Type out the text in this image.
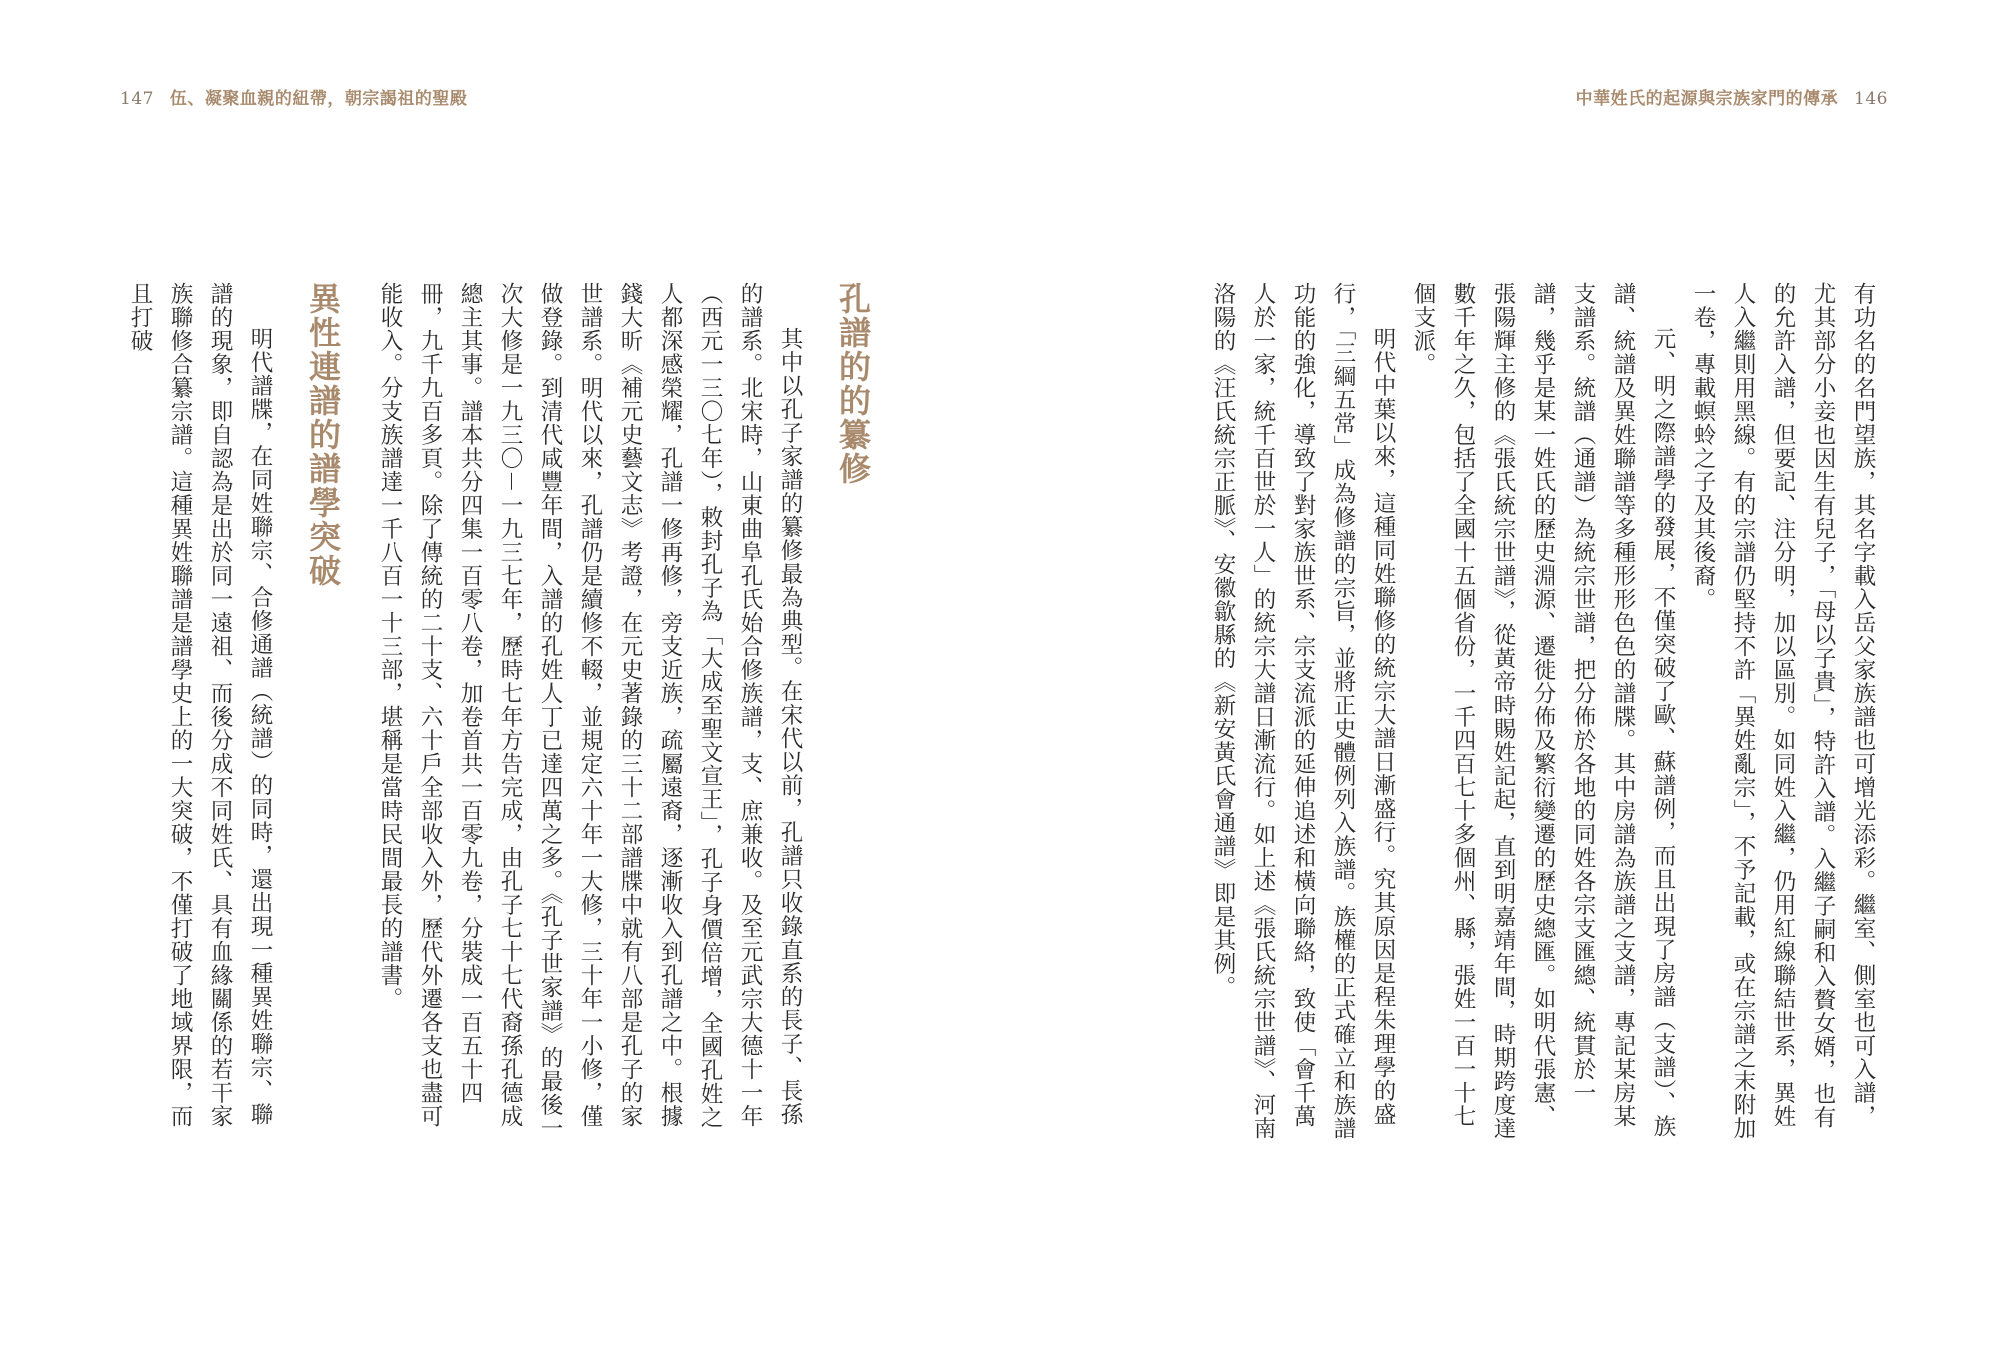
147 伍、凝聚血親的紐帶，朝宗謁祖的聖殿	中華姓氏的起源與宗族家門的傳承 146

有功名的名門望族，其名字載入岳父家族譜也可增光添彩。繼室、側室也可入譜，尤其部分小妾也因生有兒子，「母以子貴」，特許入譜。入繼子嗣和入贅女婿，也有的允許入譜，但要記、注分明，加以區別。如同姓入繼，仍用紅線聯結世系，異姓人入繼則用黑線。有的宗譜仍堅持不許「異姓亂宗」，不予記載，或在宗譜之末附加一卷，專載螟蛉之子及其後裔。

元、明之際譜學的發展，不僅突破了歐、蘇譜例，而且出現了房譜（支譜）、族譜、統譜及異姓聯譜等多種形形色色的譜牒。其中房譜為族譜之支譜，專記某房某支譜系。統譜（通譜）為統宗世譜，把分佈於各地的同姓各宗支匯總、統貫於一譜，幾乎是某一姓氏的歷史淵源、遷徙分佈及繁衍變遷的歷史總匯。如明代張憲、張陽輝主修的《張氏統宗世譜》，從黃帝時賜姓記起，直到明嘉靖年間，時期跨度達數千年之久，包括了全國十五個省份，一千四百七十多個州、縣，張姓一百一十七個支派。

明代中葉以來，這種同姓聯修的統宗大譜日漸盛行。究其原因是程朱理學的盛行，「三綱五常」成為修譜的宗旨，並將正史體例列入族譜。族權的正式確立和族譜功能的強化，導致了對家族世系、宗支流派的延伸追述和橫向聯絡，致使「會千萬人於一家，統千百世於一人」的統宗大譜日漸流行。如上述《張氏統宗世譜》、河南洛陽的《汪氏統宗正脈》、安徽歙縣的《新安黃氏會通譜》即是其例。

孔譜的的纂修

其中以孔子家譜的纂修最為典型。在宋代以前，孔譜只收錄直系的長子、長孫的譜系。北宋時，山東曲阜孔氏始合修族譜，支、庶兼收。及至元武宗大德十一年（西元一三〇七年），敕封孔子為「大成至聖文宣王」，孔子身價倍增，全國孔姓之人都深感榮耀，孔譜一修再修，旁支近族，疏屬遠裔，逐漸收入到孔譜之中。根據錢大昕《補元史藝文志》考證，在元史著錄的三十二部譜牒中就有八部是孔子的家世譜系。明代以來，孔譜仍是續修不輟，並規定六十年一大修，三十年一小修，僅做登錄。到清代咸豐年間，入譜的孔姓人丁已達四萬之多。《孔子世家譜》的最後一次大修是一九三〇－一九三七年，歷時七年方告完成，由孔子七十七代裔孫孔德成總主其事。譜本共分四集一百零八卷，加卷首共一百零九卷，分裝成一百五十四冊，九千九百多頁。除了傳統的二十支、六十戶全部收入外，歷代外遷各支也盡可能收入。分支族譜達一千八百一十三部，堪稱是當時民間最長的譜書。

異性連譜的譜學突破

明代譜牒，在同姓聯宗、合修通譜（統譜）的同時，還出現一種異姓聯宗、聯譜的現象，即自認為是出於同一遠祖、而後分成不同姓氏、具有血緣關係的若干家族聯修合纂宗譜。這種異姓聯譜是譜學史上的一大突破，不僅打破了地域界限，而且打破
